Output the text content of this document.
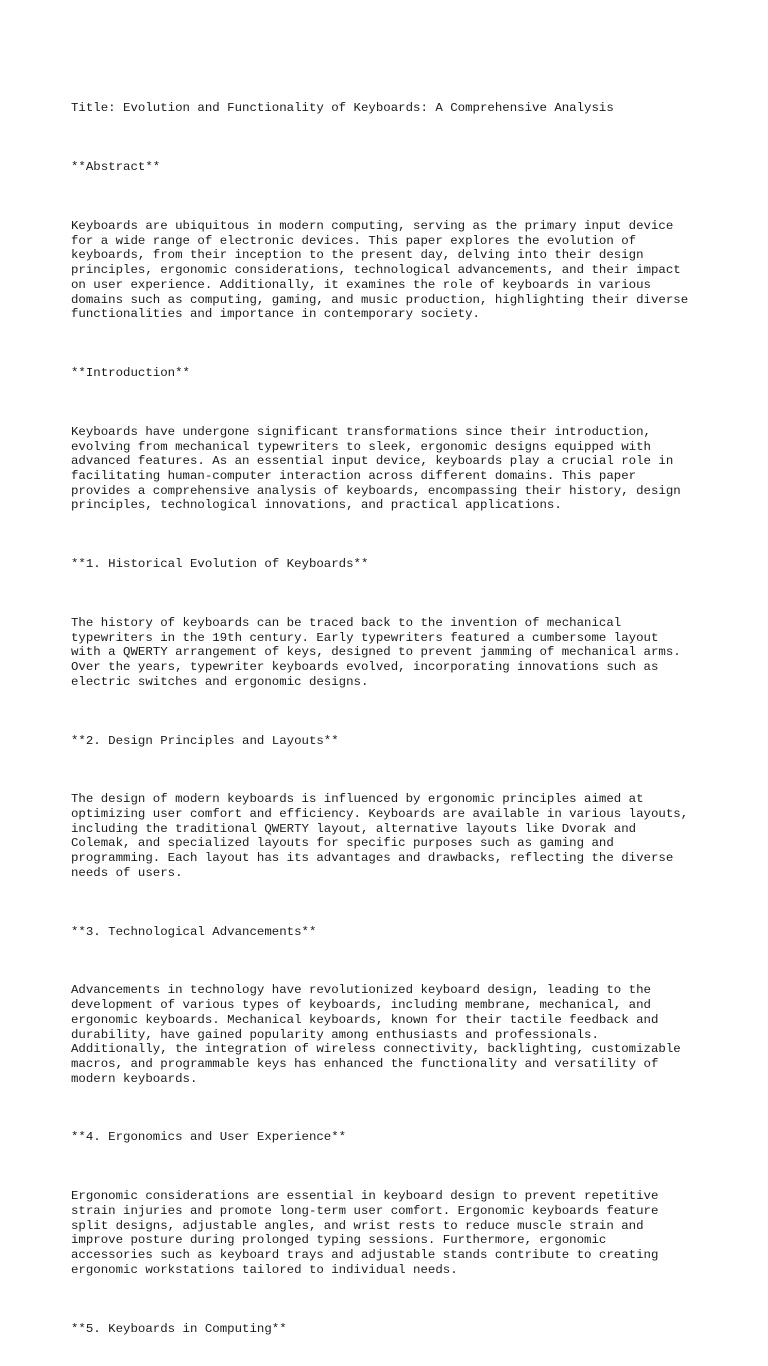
Title: Evolution and Functionality of Keyboards: A Comprehensive Analysis

**Abstract**

Keyboards are ubiquitous in modern computing, serving as the primary input device
for a wide range of electronic devices. This paper explores the evolution of
keyboards, from their inception to the present day, delving into their design
principles, ergonomic considerations, technological advancements, and their impact
on user experience. Additionally, it examines the role of keyboards in various
domains such as computing, gaming, and music production, highlighting their diverse
functionalities and importance in contemporary society.

**Introduction**

Keyboards have undergone significant transformations since their introduction,
evolving from mechanical typewriters to sleek, ergonomic designs equipped with
advanced features. As an essential input device, keyboards play a crucial role in
facilitating human-computer interaction across different domains. This paper
provides a comprehensive analysis of keyboards, encompassing their history, design
principles, technological innovations, and practical applications.

**1. Historical Evolution of Keyboards**

The history of keyboards can be traced back to the invention of mechanical
typewriters in the 19th century. Early typewriters featured a cumbersome layout
with a QWERTY arrangement of keys, designed to prevent jamming of mechanical arms.
Over the years, typewriter keyboards evolved, incorporating innovations such as
electric switches and ergonomic designs.

**2. Design Principles and Layouts**

The design of modern keyboards is influenced by ergonomic principles aimed at
optimizing user comfort and efficiency. Keyboards are available in various layouts,
including the traditional QWERTY layout, alternative layouts like Dvorak and
Colemak, and specialized layouts for specific purposes such as gaming and
programming. Each layout has its advantages and drawbacks, reflecting the diverse
needs of users.

**3. Technological Advancements**

Advancements in technology have revolutionized keyboard design, leading to the
development of various types of keyboards, including membrane, mechanical, and
ergonomic keyboards. Mechanical keyboards, known for their tactile feedback and
durability, have gained popularity among enthusiasts and professionals.
Additionally, the integration of wireless connectivity, backlighting, customizable
macros, and programmable keys has enhanced the functionality and versatility of
modern keyboards.

**4. Ergonomics and User Experience**

Ergonomic considerations are essential in keyboard design to prevent repetitive
strain injuries and promote long-term user comfort. Ergonomic keyboards feature
split designs, adjustable angles, and wrist rests to reduce muscle strain and
improve posture during prolonged typing sessions. Furthermore, ergonomic
accessories such as keyboard trays and adjustable stands contribute to creating
ergonomic workstations tailored to individual needs.

**5. Keyboards in Computing**
